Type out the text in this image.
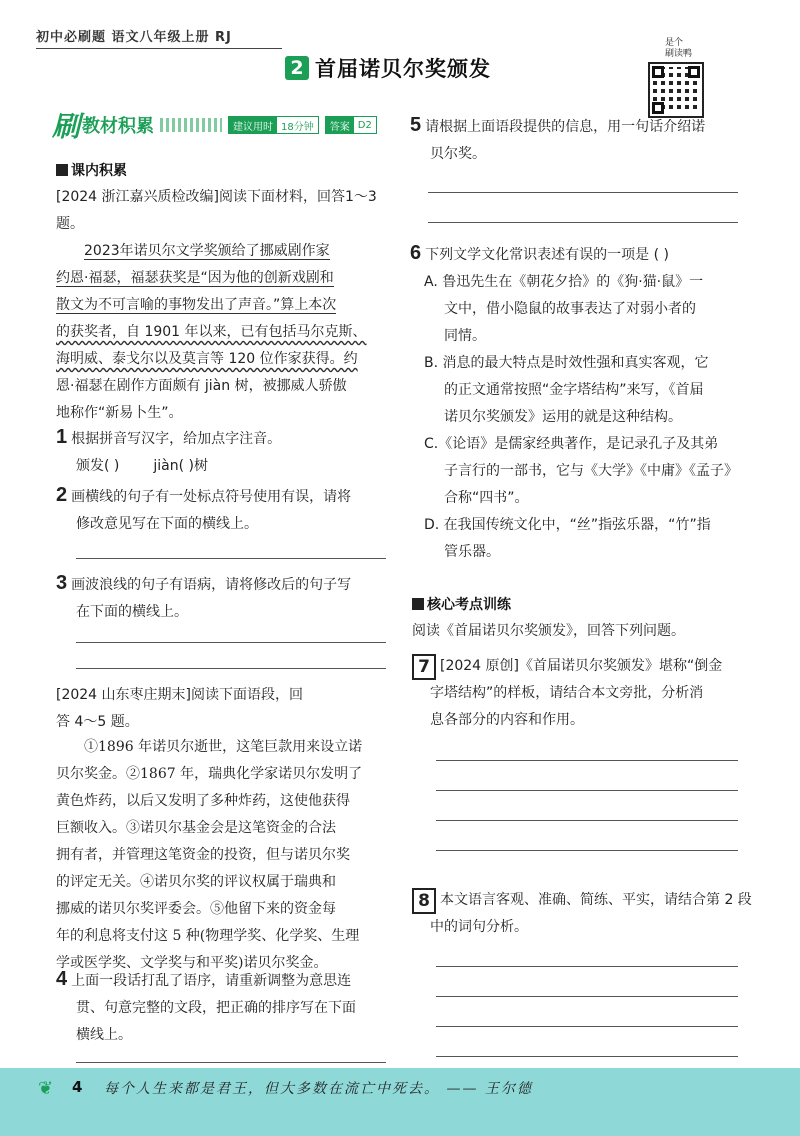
初中必刷题 语文八年级上册 RJ
2 首届诺贝尔奖颁发
是个
刷读鸭
刷 教材积累	建议用时 18分钟	答案 D2
课内积累
[2024 浙江嘉兴质检改编]阅读下面材料，回答1～3题。
2023年诺贝尔文学奖颁给了挪威剧作家
约恩·福瑟，福瑟获奖是“因为他的创新戏剧和
散文为不可言喻的事物发出了声音。”算上本次
的获奖者，自 1901 年以来，已有包括马尔克斯、
海明威、泰戈尔以及莫言等 120 位作家获得。约
恩·福瑟在剧作方面颇有 jiàn 树，被挪威人骄傲
地称作“新易卜生”。
1 根据拼音写汉字，给加点字注音。
颁发( ) jiàn( )树
2 画横线的句子有一处标点符号使用有误，请将
修改意见写在下面的横线上。
3 画波浪线的句子有语病，请将修改后的句子写
在下面的横线上。
[2024 山东枣庄期末]阅读下面语段，回
答 4～5 题。
①1896 年诺贝尔逝世，这笔巨款用来设立诺
贝尔奖金。②1867 年，瑞典化学家诺贝尔发明了
黄色炸药，以后又发明了多种炸药，这使他获得
巨额收入。③诺贝尔基金会是这笔资金的合法
拥有者，并管理这笔资金的投资，但与诺贝尔奖
的评定无关。④诺贝尔奖的评议权属于瑞典和
挪威的诺贝尔奖评委会。⑤他留下来的资金每
年的利息将支付这 5 种(物理学奖、化学奖、生理
学或医学奖、文学奖与和平奖)诺贝尔奖金。
4 上面一段话打乱了语序，请重新调整为意思连
贯、句意完整的文段，把正确的排序写在下面
横线上。
5 请根据上面语段提供的信息，用一句话介绍诺
贝尔奖。
6 下列文学文化常识表述有误的一项是 ( )
A. 鲁迅先生在《朝花夕拾》的《狗·猫·鼠》一
文中，借小隐鼠的故事表达了对弱小者的
同情。
B. 消息的最大特点是时效性强和真实客观，它
的正文通常按照“金字塔结构”来写，《首届
诺贝尔奖颁发》运用的就是这种结构。
C.《论语》是儒家经典著作，是记录孔子及其弟
子言行的一部书，它与《大学》《中庸》《孟子》
合称“四书”。
D. 在我国传统文化中，“丝”指弦乐器，“竹”指
管乐器。
核心考点训练
阅读《首届诺贝尔奖颁发》，回答下列问题。
7 [2024 原创]《首届诺贝尔奖颁发》堪称“倒金
字塔结构”的样板，请结合本文旁批，分析消
息各部分的内容和作用。
8 本文语言客观、准确、简练、平实，请结合第 2 段
中的词句分析。
❦ 4 每个人生来都是君王，但大多数在流亡中死去。 —— 王尔德
